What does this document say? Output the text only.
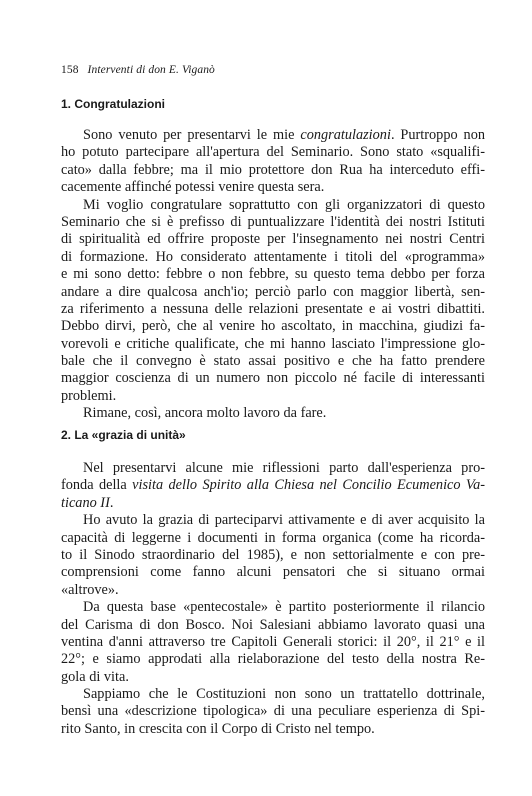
158 Interventi di don E. Viganò
1. Congratulazioni
Sono venuto per presentarvi le mie congratulazioni. Purtroppo non
ho potuto partecipare all'apertura del Seminario. Sono stato «squalifi-
cato» dalla febbre; ma il mio protettore don Rua ha interceduto effi-
cacemente affinché potessi venire questa sera.
Mi voglio congratulare soprattutto con gli organizzatori di questo
Seminario che si è prefisso di puntualizzare l'identità dei nostri Istituti
di spiritualità ed offrire proposte per l'insegnamento nei nostri Centri
di formazione. Ho considerato attentamente i titoli del «programma»
e mi sono detto: febbre o non febbre, su questo tema debbo per forza
andare a dire qualcosa anch'io; perciò parlo con maggior libertà, sen-
za riferimento a nessuna delle relazioni presentate e ai vostri dibattiti.
Debbo dirvi, però, che al venire ho ascoltato, in macchina, giudizi fa-
vorevoli e critiche qualificate, che mi hanno lasciato l'impressione glo-
bale che il convegno è stato assai positivo e che ha fatto prendere
maggior coscienza di un numero non piccolo né facile di interessanti
problemi.
Rimane, così, ancora molto lavoro da fare.
2. La «grazia di unità»
Nel presentarvi alcune mie riflessioni parto dall'esperienza pro-
fonda della visita dello Spirito alla Chiesa nel Concilio Ecumenico Va-
ticano II.
Ho avuto la grazia di parteciparvi attivamente e di aver acquisito la
capacità di leggerne i documenti in forma organica (come ha ricorda-
to il Sinodo straordinario del 1985), e non settorialmente e con pre-
comprensioni come fanno alcuni pensatori che si situano ormai
«altrove».
Da questa base «pentecostale» è partito posteriormente il rilancio
del Carisma di don Bosco. Noi Salesiani abbiamo lavorato quasi una
ventina d'anni attraverso tre Capitoli Generali storici: il 20°, il 21° e il
22°; e siamo approdati alla rielaborazione del testo della nostra Re-
gola di vita.
Sappiamo che le Costituzioni non sono un trattatello dottrinale,
bensì una «descrizione tipologica» di una peculiare esperienza di Spi-
rito Santo, in crescita con il Corpo di Cristo nel tempo.
